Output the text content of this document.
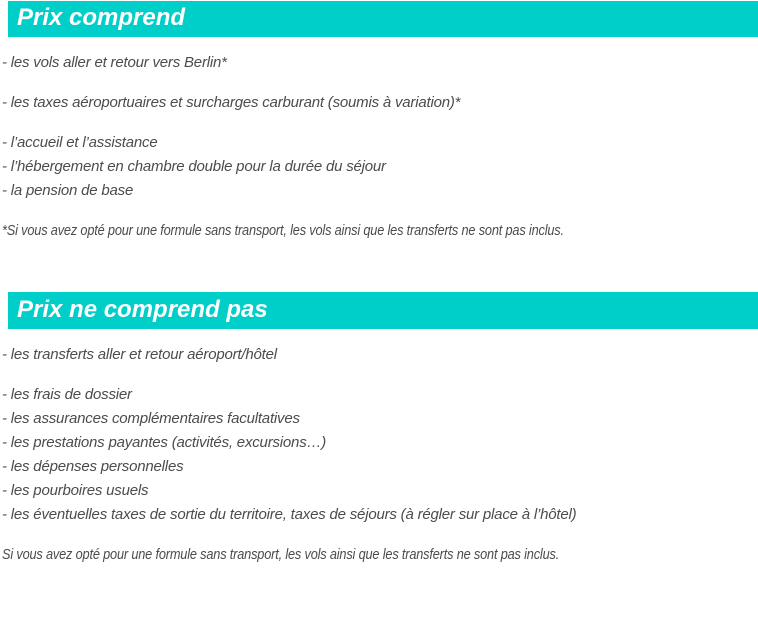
Prix comprend
- les vols aller et retour vers Berlin*
- les taxes aéroportuaires et surcharges carburant (soumis à variation)*
- l’accueil et l’assistance
- l’hébergement en chambre double pour la durée du séjour
- la pension de base
*Si vous avez opté pour une formule sans transport, les vols ainsi que les transferts ne sont pas inclus.
Prix ne comprend pas
- les transferts aller et retour aéroport/hôtel
- les frais de dossier
- les assurances complémentaires facultatives
- les prestations payantes (activités, excursions…)
- les dépenses personnelles
- les pourboires usuels
- les éventuelles taxes de sortie du territoire, taxes de séjours (à régler sur place à l’hôtel)
Si vous avez opté pour une formule sans transport, les vols ainsi que les transferts ne sont pas inclus.
